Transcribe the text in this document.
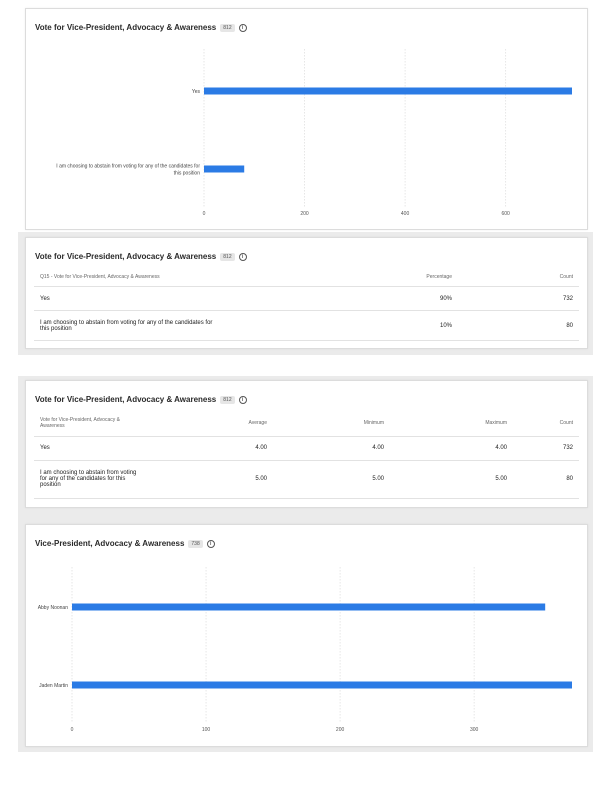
Vote for Vice-President, Advocacy & Awareness	812	i
0	200	400	600
Yes
I am choosing to abstain from voting for any of the candidates for
this position
Vote for Vice-President, Advocacy & Awareness	812	i
Q15 - Vote for Vice-President, Advocacy & Awareness	Percentage	Count
Yes	90%	732

I am choosing to abstain from voting for any of the candidates for
this position	10%	80
Vote for Vice-President, Advocacy & Awareness	812	i
Vote for Vice-President, Advocacy &
Awareness	Average	Minimum	Maximum	Count
Yes	4.00	4.00	4.00	732

I am choosing to abstain from voting
for any of the candidates for this
position	5.00	5.00	5.00	80
Vice-President, Advocacy & Awareness	738	i
0	100	200	300
Abby Noonan
Jaden Martin
